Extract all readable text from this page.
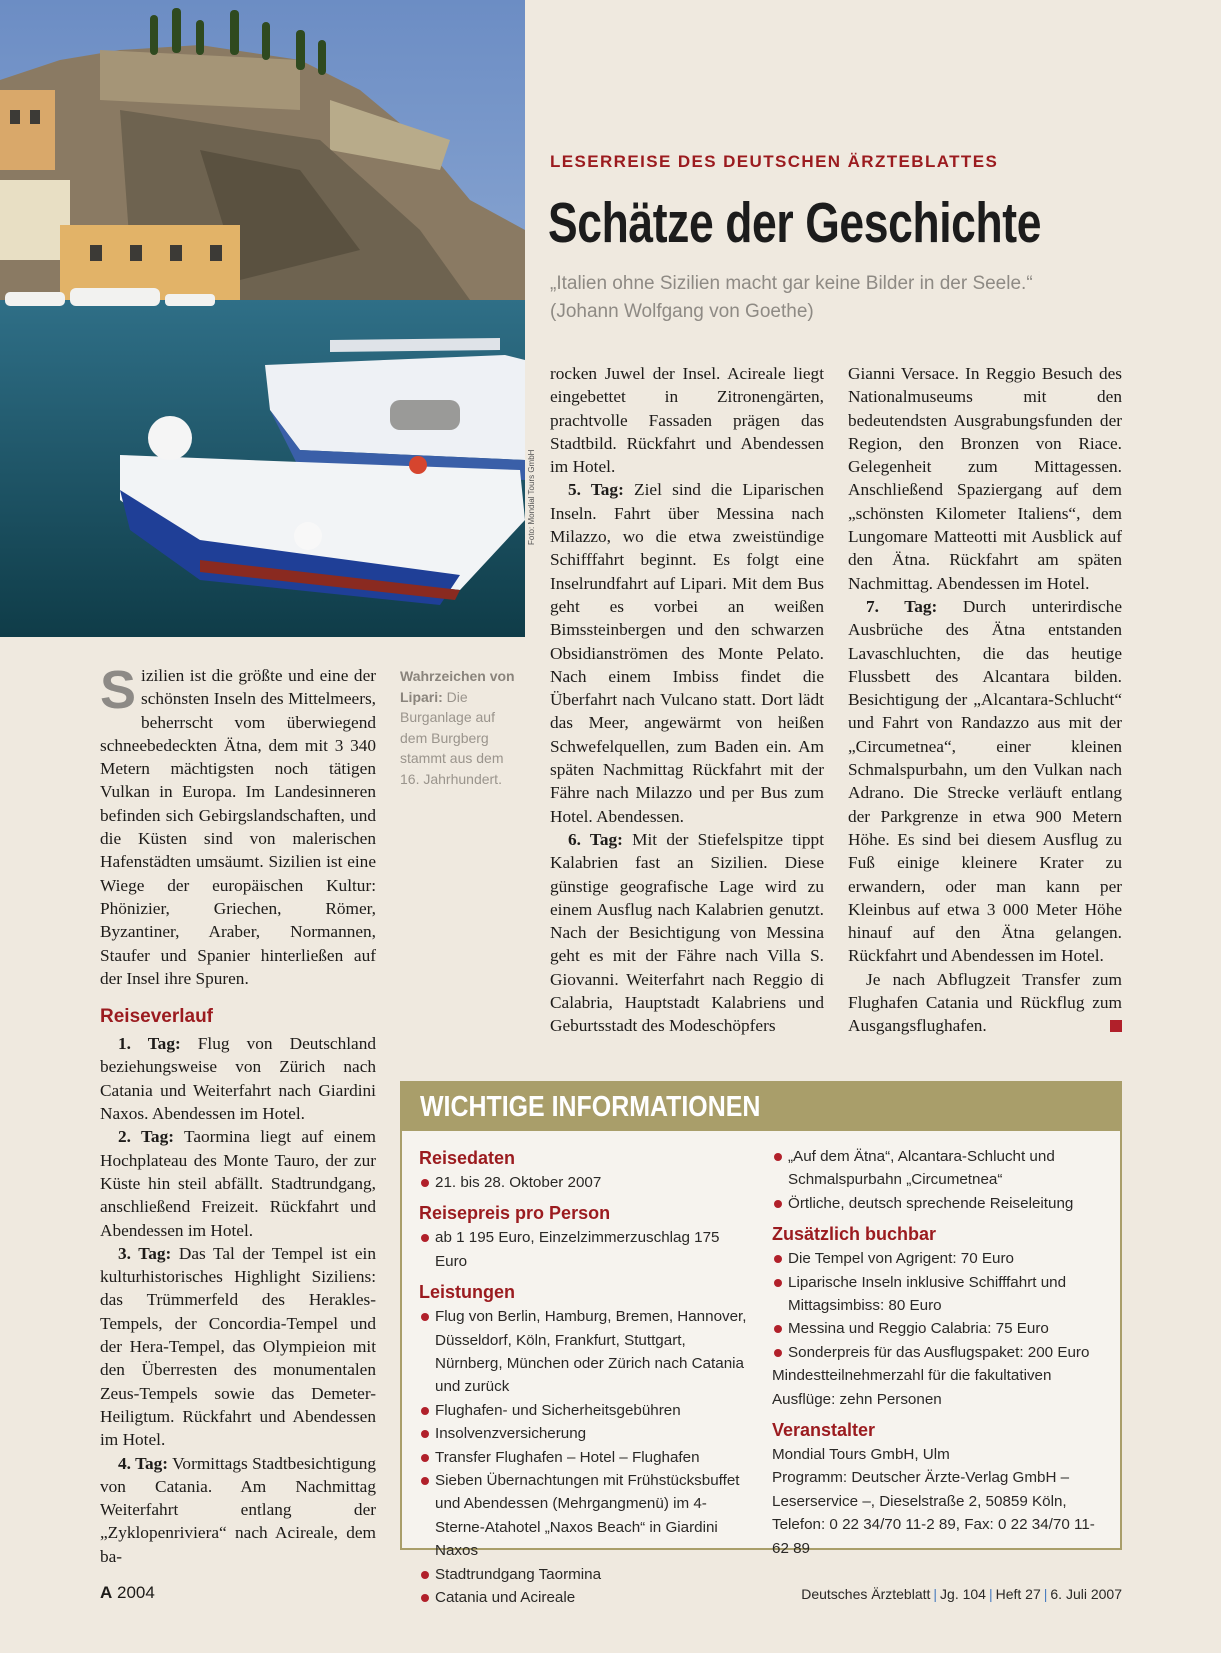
Foto: Mondial Tours GmbH
LESERREISE DES DEUTSCHEN ÄRZTEBLATTES
Schätze der Geschichte
„Italien ohne Sizilien macht gar keine Bilder in der Seele.“
(Johann Wolfgang von Goethe)
Wahrzeichen von Lipari: Die Burganlage auf dem Burgberg stammt aus dem 16. Jahrhundert.

Sizilien ist die größte und eine der schönsten Inseln des Mittelmeers, beherrscht vom überwiegend schneebedeckten Ätna, dem mit 3 340 Metern mächtigsten noch tätigen Vulkan in Europa. Im Landesinneren befinden sich Gebirgslandschaften, und die Küsten sind von malerischen Hafenstädten umsäumt. Sizilien ist eine Wiege der europäischen Kultur: Phönizier, Griechen, Römer, Byzantiner, Araber, Normannen, Staufer und Spanier hinterließen auf der Insel ihre Spuren.

Reiseverlauf

1. Tag: Flug von Deutschland beziehungsweise von Zürich nach Catania und Weiterfahrt nach Giardini Naxos. Abendessen im Hotel.

2. Tag: Taormina liegt auf einem Hochplateau des Monte Tauro, der zur Küste hin steil abfällt. Stadtrundgang, anschließend Freizeit. Rückfahrt und Abendessen im Hotel.

3. Tag: Das Tal der Tempel ist ein kulturhistorisches Highlight Siziliens: das Trümmerfeld des Herakles-Tempels, der Concordia-Tempel und der Hera-Tempel, das Olympieion mit den Überresten des monumentalen Zeus-Tempels sowie das Demeter-Heiligtum. Rückfahrt und Abendessen im Hotel.

4. Tag: Vormittags Stadtbesichtigung von Catania. Am Nachmittag Weiterfahrt entlang der „Zyklopenriviera“ nach Acireale, dem ba-

rocken Juwel der Insel. Acireale liegt eingebettet in Zitronengärten, prachtvolle Fassaden prägen das Stadtbild. Rückfahrt und Abendessen im Hotel.

5. Tag: Ziel sind die Liparischen Inseln. Fahrt über Messina nach Milazzo, wo die etwa zweistündige Schifffahrt beginnt. Es folgt eine Inselrundfahrt auf Lipari. Mit dem Bus geht es vorbei an weißen Bimssteinbergen und den schwarzen Obsidianströmen des Monte Pelato. Nach einem Imbiss findet die Überfahrt nach Vulcano statt. Dort lädt das Meer, angewärmt von heißen Schwefelquellen, zum Baden ein. Am späten Nachmittag Rückfahrt mit der Fähre nach Milazzo und per Bus zum Hotel. Abendessen.

6. Tag: Mit der Stiefelspitze tippt Kalabrien fast an Sizilien. Diese günstige geografische Lage wird zu einem Ausflug nach Kalabrien genutzt. Nach der Besichtigung von Messina geht es mit der Fähre nach Villa S. Giovanni. Weiterfahrt nach Reggio di Calabria, Hauptstadt Kalabriens und Geburtsstadt des Modeschöpfers

Gianni Versace. In Reggio Besuch des Nationalmuseums mit den bedeutendsten Ausgrabungsfunden der Region, den Bronzen von Riace. Gelegenheit zum Mittagessen. Anschließend Spaziergang auf dem „schönsten Kilometer Italiens“, dem Lungomare Matteotti mit Ausblick auf den Ätna. Rückfahrt am späten Nachmittag. Abendessen im Hotel.

7. Tag: Durch unterirdische Ausbrüche des Ätna entstanden Lavaschluchten, die das heutige Flussbett des Alcantara bilden. Besichtigung der „Alcantara-Schlucht“ und Fahrt von Randazzo aus mit der „Circumetnea“, einer kleinen Schmalspurbahn, um den Vulkan nach Adrano. Die Strecke verläuft entlang der Parkgrenze in etwa 900 Metern Höhe. Es sind bei diesem Ausflug zu Fuß einige kleinere Krater zu erwandern, oder man kann per Kleinbus auf etwa 3 000 Meter Höhe hinauf auf den Ätna gelangen. Rückfahrt und Abendessen im Hotel.

Je nach Abflugzeit Transfer zum Flughafen Catania und Rückflug zum Ausgangsflughafen.

WICHTIGE INFORMATIONEN
Reisedaten
21. bis 28. Oktober 2007
Reisepreis pro Person
ab 1 195 Euro, Einzelzimmerzuschlag 175 Euro
Leistungen
Flug von Berlin, Hamburg, Bremen, Hannover, Düsseldorf, Köln, Frankfurt, Stuttgart, Nürnberg, München oder Zürich nach Catania und zurück
Flughafen- und Sicherheitsgebühren
Insolvenzversicherung
Transfer Flughafen – Hotel – Flughafen
Sieben Übernachtungen mit Frühstücksbuffet und Abendessen (Mehrgangmenü) im 4-Sterne-Atahotel „Naxos Beach“ in Giardini Naxos
Stadtrundgang Taormina
Catania und Acireale
„Auf dem Ätna“, Alcantara-Schlucht und Schmalspurbahn „Circumetnea“
Örtliche, deutsch sprechende Reiseleitung
Zusätzlich buchbar
Die Tempel von Agrigent: 70 Euro
Liparische Inseln inklusive Schifffahrt und Mittagsimbiss: 80 Euro
Messina und Reggio Calabria: 75 Euro
Sonderpreis für das Ausflugspaket: 200 Euro
Mindestteilnehmerzahl für die fakultativen Ausflüge: zehn Personen
Veranstalter
Mondial Tours GmbH, Ulm
Programm: Deutscher Ärzte-Verlag GmbH – Leserservice –, Dieselstraße 2, 50859 Köln, Telefon: 0 22 34/70 11-2 89, Fax: 0 22 34/70 11-62 89
A 2004	Deutsches Ärzteblatt | Jg. 104 | Heft 27 | 6. Juli 2007
